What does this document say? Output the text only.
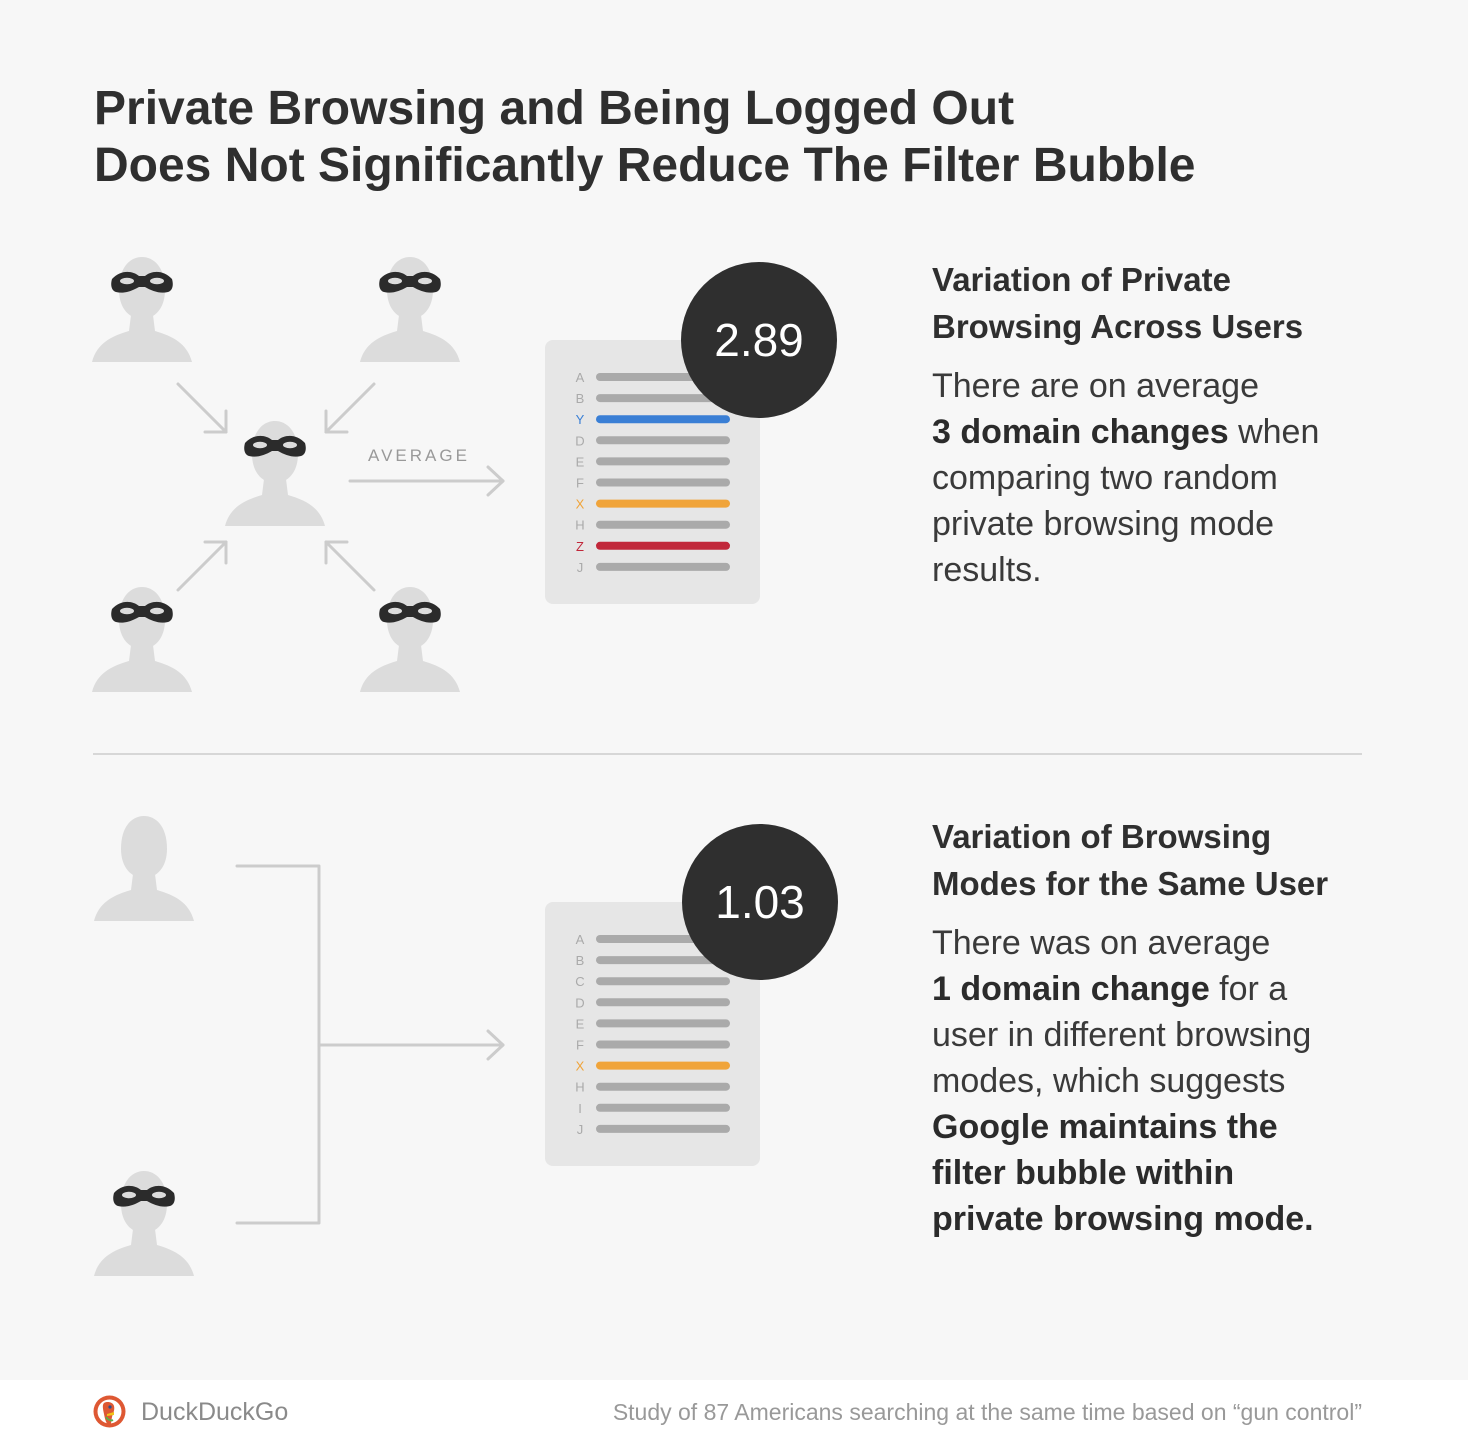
Private Browsing and Being Logged Out
Does Not Significantly Reduce The Filter Bubble
AVERAGE
A
B
Y
D
E
F
X
H
Z
J
2.89
A
B
C
D
E
F
X
H
I
J
1.03
Variation of Private
Browsing Across Users
There are on average
3 domain changes when
comparing two random
private browsing mode
results.
Variation of Browsing
Modes for the Same User
There was on average
1 domain change for a
user in different browsing
modes, which suggests
Google maintains the
filter bubble within
private browsing mode.
DuckDuckGo	Study of 87 Americans searching at the same time based on “gun control”
